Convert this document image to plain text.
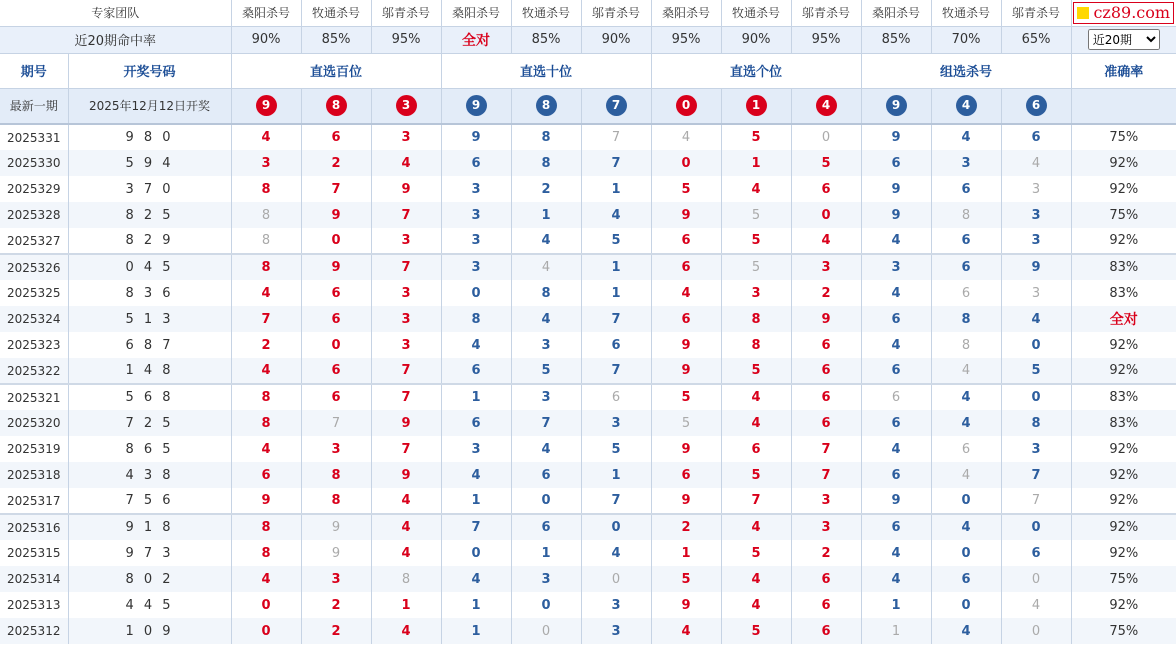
专家团队		桑阳杀号	牧通杀号	邬青杀号	桑阳杀号	牧通杀号	邬青杀号	桑阳杀号	牧通杀号	邬青杀号	桑阳杀号	牧通杀号	邬青杀号	cz89.com

近20期命中率		90%	85%	95%	全对	85%	90%	95%	90%	95%	85%	70%	65%	
近20期
期号	开奖号码	直选百位			直选十位			直选个位			组选杀号			准确率
最新一期	2025年12月12日开奖	9	8	3	9	8	7	0	1	4	9	4	6	
2025331	9 8 0	4	6	3	9	8	7	4	5	0	9	4	6	75%
2025330	5 9 4	3	2	4	6	8	7	0	1	5	6	3	4	92%
2025329	3 7 0	8	7	9	3	2	1	5	4	6	9	6	3	92%
2025328	8 2 5	8	9	7	3	1	4	9	5	0	9	8	3	75%
2025327	8 2 9	8	0	3	3	4	5	6	5	4	4	6	3	92%
2025326	0 4 5	8	9	7	3	4	1	6	5	3	3	6	9	83%
2025325	8 3 6	4	6	3	0	8	1	4	3	2	4	6	3	83%
2025324	5 1 3	7	6	3	8	4	7	6	8	9	6	8	4	全对
2025323	6 8 7	2	0	3	4	3	6	9	8	6	4	8	0	92%
2025322	1 4 8	4	6	7	6	5	7	9	5	6	6	4	5	92%
2025321	5 6 8	8	6	7	1	3	6	5	4	6	6	4	0	83%
2025320	7 2 5	8	7	9	6	7	3	5	4	6	6	4	8	83%
2025319	8 6 5	4	3	7	3	4	5	9	6	7	4	6	3	92%
2025318	4 3 8	6	8	9	4	6	1	6	5	7	6	4	7	92%
2025317	7 5 6	9	8	4	1	0	7	9	7	3	9	0	7	92%
2025316	9 1 8	8	9	4	7	6	0	2	4	3	6	4	0	92%
2025315	9 7 3	8	9	4	0	1	4	1	5	2	4	0	6	92%
2025314	8 0 2	4	3	8	4	3	0	5	4	6	4	6	0	75%
2025313	4 4 5	0	2	1	1	0	3	9	4	6	1	0	4	92%
2025312	1 0 9	0	2	4	1	0	3	4	5	6	1	4	0	75%
